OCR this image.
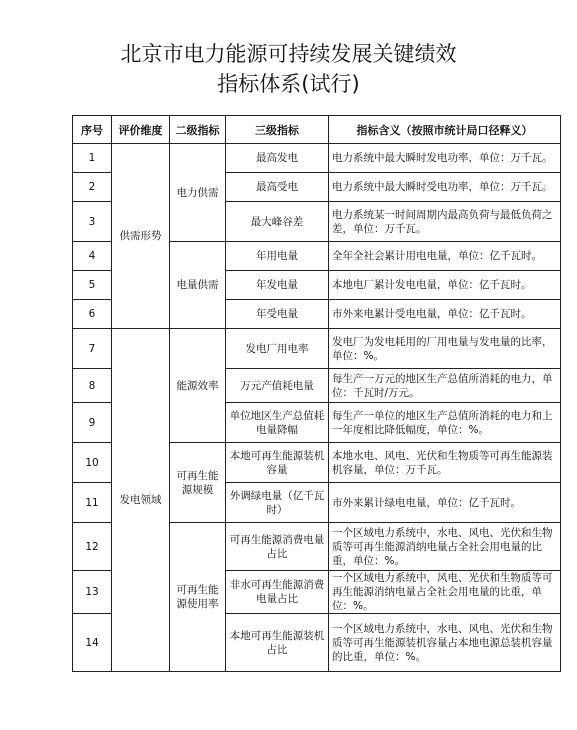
北京市电力能源可持续发展关键绩效
指标体系(试行)
序号	评价维度	二级指标	三级指标	指标含义（按照市统计局口径释义）
1	供需形势	电力供需	最高发电	电力系统中最大瞬时发电功率，单位：万千瓦。
2			最高受电	电力系统中最大瞬时受电功率，单位：万千瓦。
3			最大峰谷差	电力系统某一时间周期内最高负荷与最低负荷之差，单位：万千瓦。
4		电量供需	年用电量	全年全社会累计用电电量，单位：亿千瓦时。
5			年发电量	本地电厂累计发电电量，单位：亿千瓦时。
6			年受电量	市外来电累计受电电量，单位：亿千瓦时。
7	发电领域	能源效率	发电厂用电率	发电厂为发电耗用的厂用电量与发电量的比率，单位：%。
8			万元产值耗电量	每生产一万元的地区生产总值所消耗的电力，单位：千瓦时/万元。
9			单位地区生产总值耗电量降幅	每生产一单位的地区生产总值所消耗的电力和上一年度相比降低幅度，单位：%。
10		可再生能源规模	本地可再生能源装机容量	本地水电、风电、光伏和生物质等可再生能源装机容量，单位：万千瓦。
11			外调绿电量（亿千瓦时）	市外来累计绿电电量，单位：亿千瓦时。
12		可再生能源使用率	可再生能源消费电量占比	一个区域电力系统中，水电、风电、光伏和生物质等可再生能源消纳电量占全社会用电量的比重，单位：%。
13			非水可再生能源消费电量占比	一个区域电力系统中，风电、光伏和生物质等可再生能源消纳电量占全社会用电量的比重，单位：%。
14			本地可再生能源装机占比	一个区域电力系统中，水电、风电、光伏和生物质等可再生能源装机容量占本地电源总装机容量的比重，单位：%。
